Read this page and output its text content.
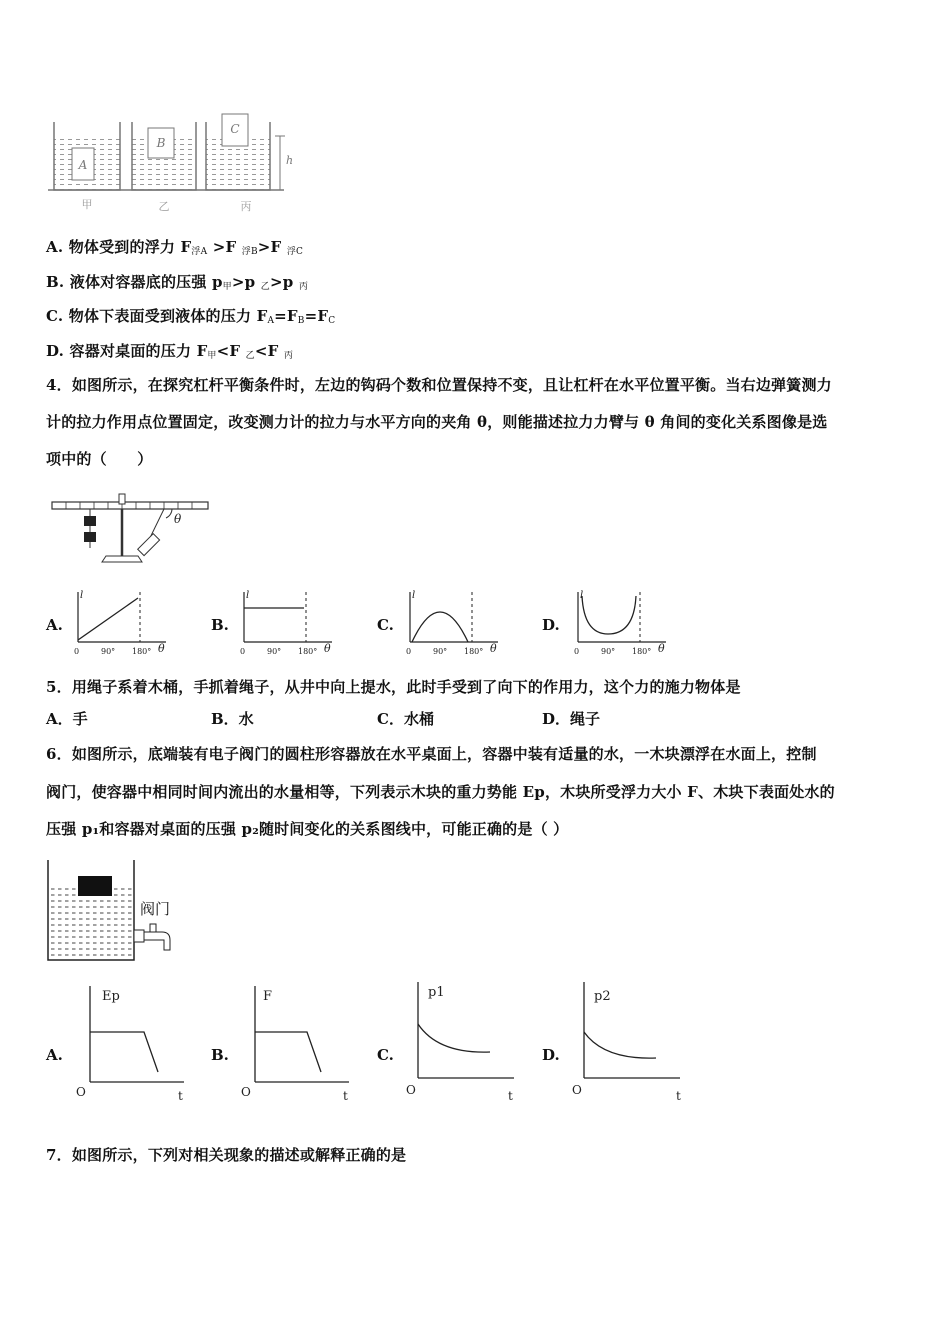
A
B
C
h
甲	乙	丙
A. 物体受到的浮力 $F_{浮A} >F$ $_{浮B}$>F $_{浮C}$
B. 液体对容器底的压强 $p_甲>p$ $_乙$>p $_丙$
C. 物体下表面受到液体的压力 $F_A=F_B=F_C$
D. 容器对桌面的压力 $F_甲<F$ $_乙$<F $_丙$
4．如图所示，在探究杠杆平衡条件时，左边的钩码个数和位置保持不变，且让杠杆在水平位置平衡。当右边弹簧测力
计的拉力作用点位置固定，改变测力计的拉力与水平方向的夹角 θ，则能描述拉力力臂与 θ 角间的变化关系图像是选
项中的（　　）
θ
A.
l
0	90° 180° θ
B.
l
0	90° 180° θ
C.
l
0	90° 180° θ
D.
l
0	90° 180° θ
5．用绳子系着木桶，手抓着绳子，从井中向上提水，此时手受到了向下的作用力，这个力的施力物体是
A．手	B．水	C．水桶	D．绳子
6．如图所示，底端装有电子阀门的圆柱形容器放在水平桌面上，容器中装有适量的水，一木块漂浮在水面上，控制
阀门，使容器中相同时间内流出的水量相等，下列表示木块的重力势能 Ep，木块所受浮力大小 F、木块下表面处水的
压强 p₁和容器对桌面的压强 p₂随时间变化的关系图线中，可能正确的是（ ）
阀门
A.
Ep
O	t
B.
F
O	t
C.
p1
O	t
D.
p2
O	t
7．如图所示，下列对相关现象的描述或解释正确的是
